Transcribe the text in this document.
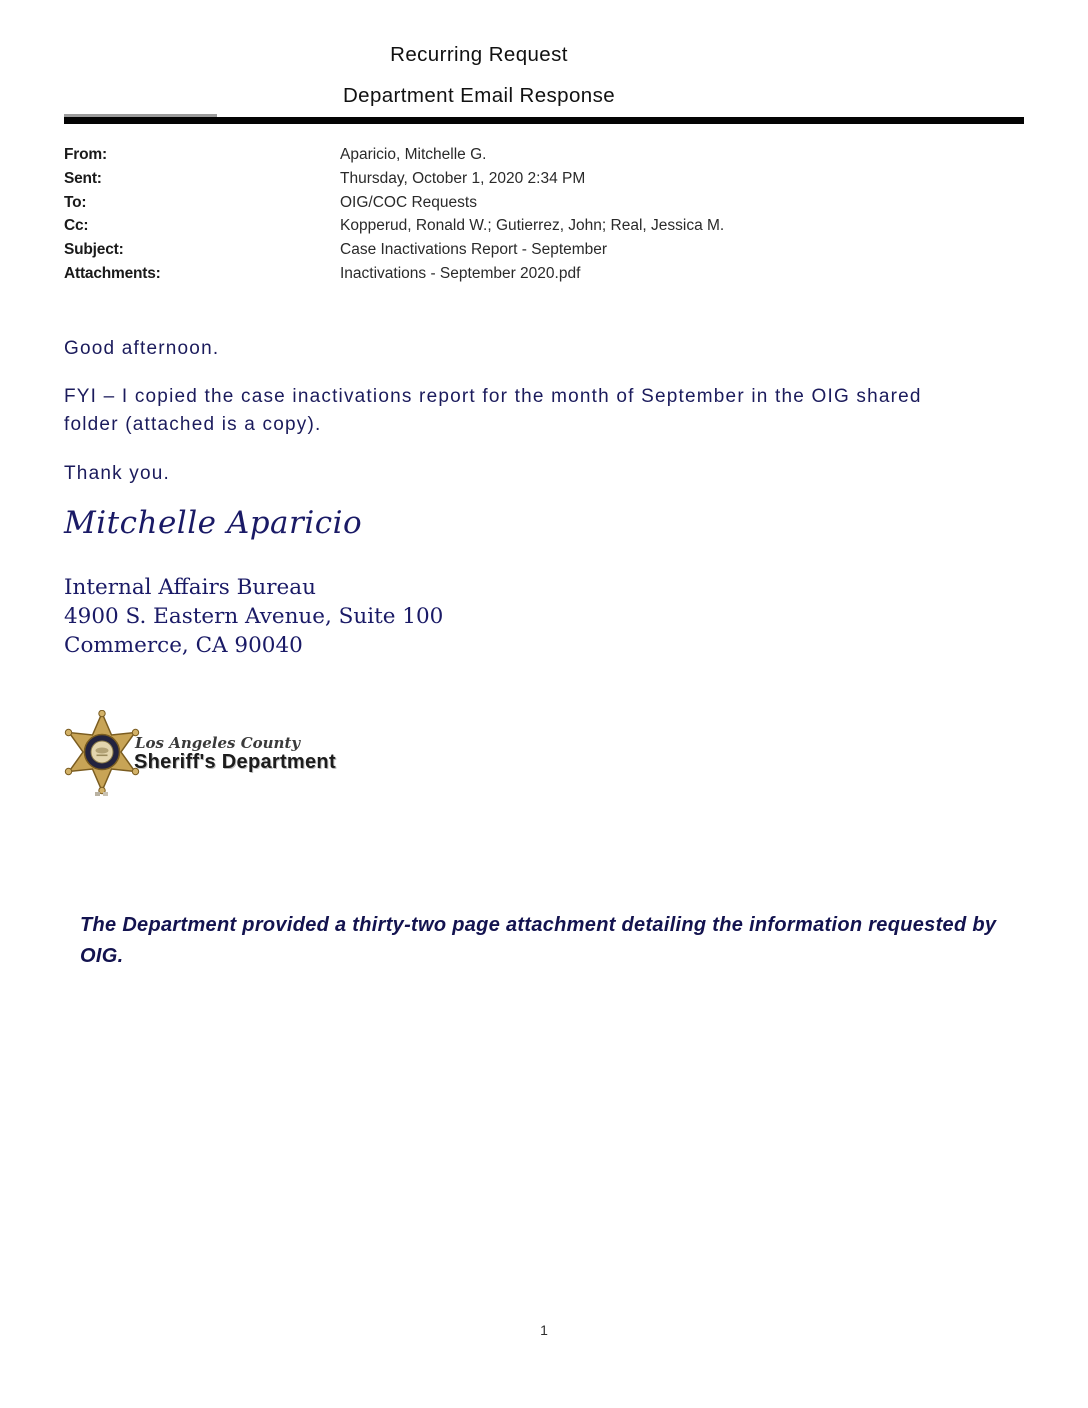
Recurring Request
Department Email Response
From:	Aparicio, Mitchelle G.
Sent:	Thursday, October 1, 2020 2:34 PM
To:	OIG/COC Requests
Cc:	Kopperud, Ronald W.; Gutierrez, John; Real, Jessica M.
Subject:	Case Inactivations Report - September
Attachments:	Inactivations - September 2020.pdf
Good afternoon.
FYI – I copied the case inactivations report for the month of September in the OIG shared folder (attached is a copy).
Thank you.
Mitchelle Aparicio
Internal Affairs Bureau
4900 S. Eastern Avenue, Suite 100
Commerce, CA 90040
Los Angeles County
Sheriff's Department
The Department provided a thirty-two page attachment detailing the information requested by OIG.
1
